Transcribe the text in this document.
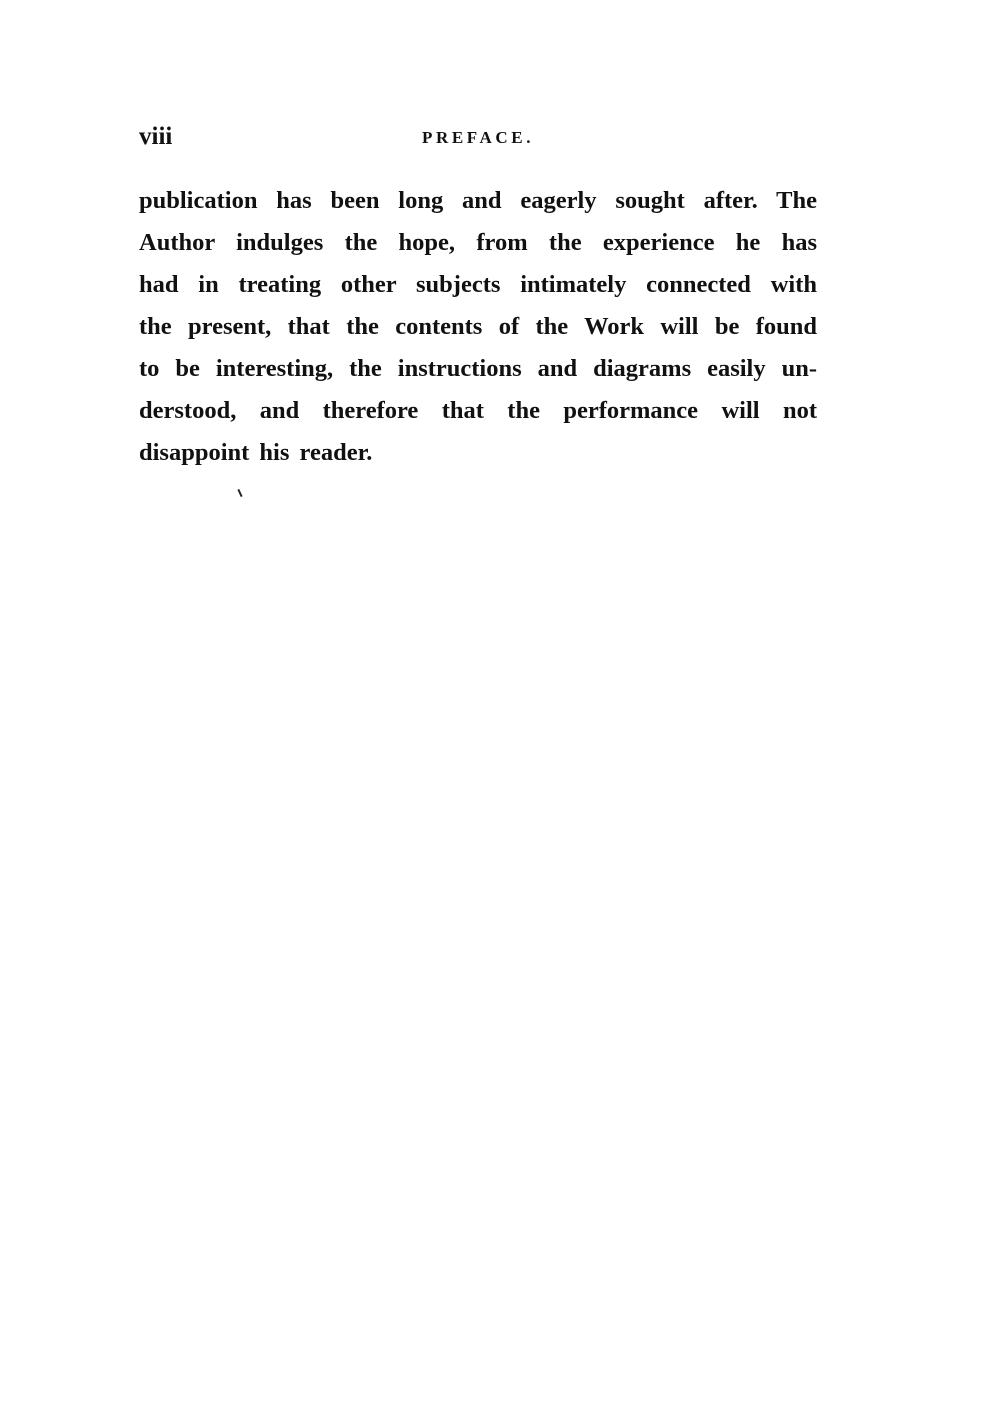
viii	PREFACE.
publication has been long and eagerly sought after. The
Author indulges the hope, from the experience he has
had in treating other subjects intimately connected with
the present, that the contents of the Work will be found
to be interesting, the instructions and diagrams easily un-
derstood, and therefore that the performance will not
disappoint his reader.
